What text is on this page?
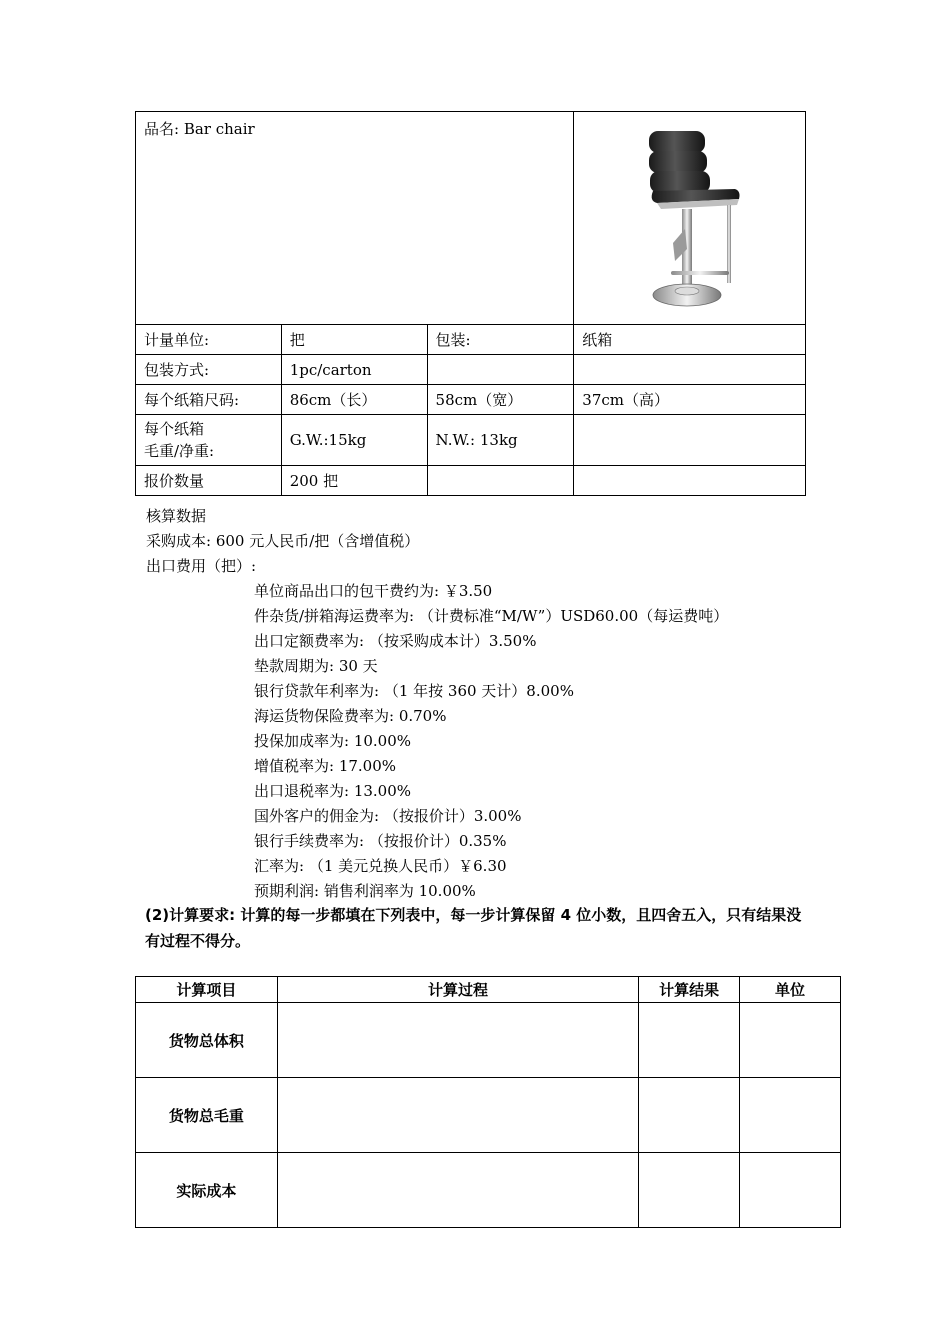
品名: Bar chair	

计量单位:	把	包装:	纸箱
包装方式:	1pc/carton		
每个纸箱尺码:	86cm（长）	58cm（宽）	37cm（高）

每个纸箱
毛重/净重:	G.W.:15kg	N.W.: 13kg	
报价数量	200 把		
核算数据
采购成本: 600 元人民币/把（含增值税）
出口费用（把）:
单位商品出口的包干费约为: ￥3.50
件杂货/拼箱海运费率为: （计费标准“M/W”）USD60.00（每运费吨）
出口定额费率为: （按采购成本计）3.50%
垫款周期为: 30 天
银行贷款年利率为: （1 年按 360 天计）8.00%
海运货物保险费率为: 0.70%
投保加成率为: 10.00%
增值税率为: 17.00%
出口退税率为: 13.00%
国外客户的佣金为: （按报价计）3.00%
银行手续费率为: （按报价计）0.35%
汇率为: （1 美元兑换人民币）￥6.30
预期利润: 销售利润率为 10.00%
(2)计算要求: 计算的每一步都填在下列表中，每一步计算保留 4 位小数，且四舍五入，只有结果没有过程不得分。
计算项目	计算过程	计算结果	单位
货物总体积			
货物总毛重			
实际成本			
